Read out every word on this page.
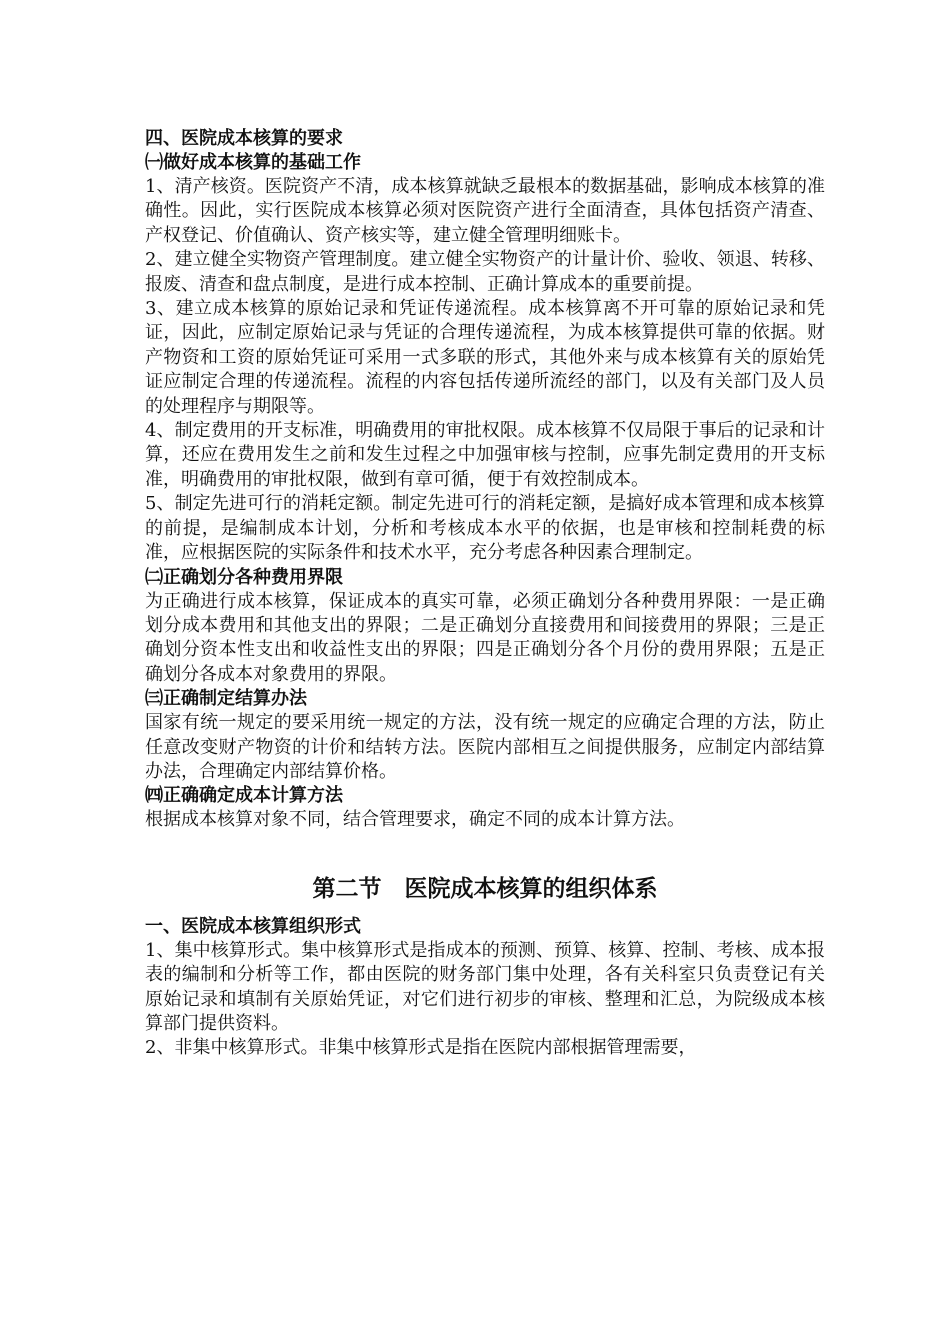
四、医院成本核算的要求

㈠做好成本核算的基础工作

1、清产核资。医院资产不清，成本核算就缺乏最根本的数据基础，影响成本核算的准确性。因此，实行医院成本核算必须对医院资产进行全面清查，具体包括资产清查、产权登记、价值确认、资产核实等，建立健全管理明细账卡。

2、建立健全实物资产管理制度。建立健全实物资产的计量计价、验收、领退、转移、报废、清查和盘点制度，是进行成本控制、正确计算成本的重要前提。

3、建立成本核算的原始记录和凭证传递流程。成本核算离不开可靠的原始记录和凭证，因此，应制定原始记录与凭证的合理传递流程，为成本核算提供可靠的依据。财产物资和工资的原始凭证可采用一式多联的形式，其他外来与成本核算有关的原始凭证应制定合理的传递流程。流程的内容包括传递所流经的部门，以及有关部门及人员的处理程序与期限等。

4、制定费用的开支标准，明确费用的审批权限。成本核算不仅局限于事后的记录和计算，还应在费用发生之前和发生过程之中加强审核与控制，应事先制定费用的开支标准，明确费用的审批权限，做到有章可循，便于有效控制成本。

5、制定先进可行的消耗定额。制定先进可行的消耗定额，是搞好成本管理和成本核算的前提，是编制成本计划，分析和考核成本水平的依据，也是审核和控制耗费的标准，应根据医院的实际条件和技术水平，充分考虑各种因素合理制定。

㈡正确划分各种费用界限

为正确进行成本核算，保证成本的真实可靠，必须正确划分各种费用界限：一是正确划分成本费用和其他支出的界限；二是正确划分直接费用和间接费用的界限；三是正确划分资本性支出和收益性支出的界限；四是正确划分各个月份的费用界限；五是正确划分各成本对象费用的界限。

㈢正确制定结算办法

国家有统一规定的要采用统一规定的方法，没有统一规定的应确定合理的方法，防止任意改变财产物资的计价和结转方法。医院内部相互之间提供服务，应制定内部结算办法，合理确定内部结算价格。

㈣正确确定成本计算方法

根据成本核算对象不同，结合管理要求，确定不同的成本计算方法。

第二节　医院成本核算的组织体系

一、医院成本核算组织形式

1、集中核算形式。集中核算形式是指成本的预测、预算、核算、控制、考核、成本报表的编制和分析等工作，都由医院的财务部门集中处理，各有关科室只负责登记有关原始记录和填制有关原始凭证，对它们进行初步的审核、整理和汇总，为院级成本核算部门提供资料。

2、非集中核算形式。非集中核算形式是指在医院内部根据管理需要，
